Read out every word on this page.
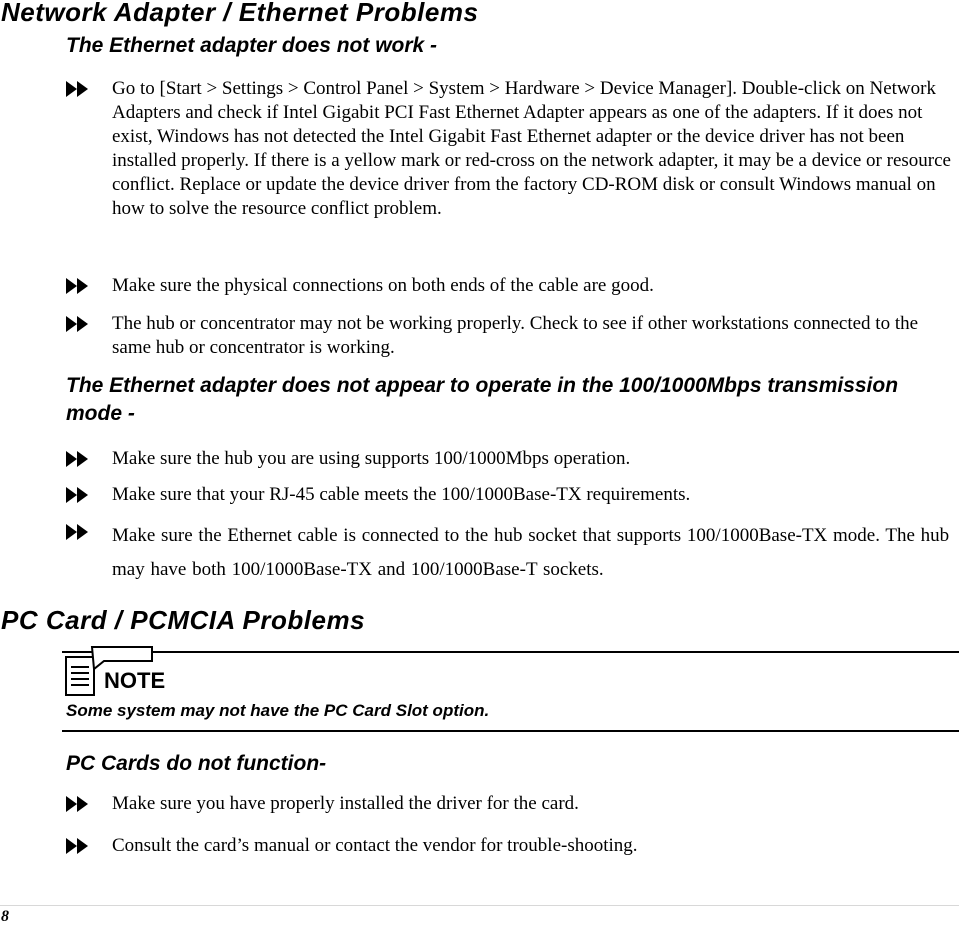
Network Adapter / Ethernet Problems
The Ethernet adapter does not work -
Go to [Start > Settings > Control Panel > System > Hardware > Device Manager]. Double-click on Network Adapters and check if Intel Gigabit PCI Fast Ethernet Adapter appears as one of the adapters. If it does not exist, Windows has not detected the Intel Gigabit Fast Ethernet adapter or the device driver has not been installed properly. If there is a yellow mark or red-cross on the network adapter, it may be a device or resource conflict. Replace or update the device driver from the factory CD-ROM disk or consult Windows manual on how to solve the resource conflict problem.
Make sure the physical connections on both ends of the cable are good.
The hub or concentrator may not be working properly. Check to see if other workstations connected to the same hub or concentrator is working.
The Ethernet adapter does not appear to operate in the 100/1000Mbps transmission mode -
Make sure the hub you are using supports 100/1000Mbps operation.
Make sure that your RJ-45 cable meets the 100/1000Base-TX requirements.
Make sure the Ethernet cable is connected to the hub socket that supports 100/1000Base-TX mode. The hub may have both 100/1000Base-TX and 100/1000Base-T sockets.
PC Card / PCMCIA Problems
NOTE
Some system may not have the PC Card Slot option.
PC Cards do not function-
Make sure you have properly installed the driver for the card.
Consult the card’s manual or contact the vendor for trouble-shooting.
8
